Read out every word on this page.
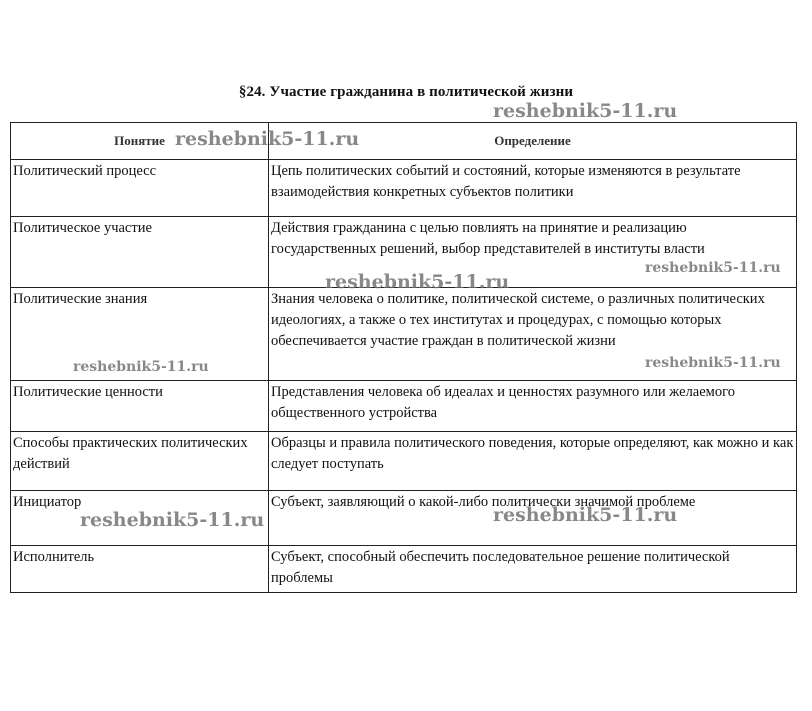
§24. Участие гражданина в политической жизни
Понятие	Определение
Политический процесс	Цепь политических событий и состояний, которые изменяются в результате взаимодействия конкретных субъектов политики
Политическое участие	Действия гражданина с целью повлиять на принятие и реализацию государственных решений, выбор представителей в институты власти
Политические знания	Знания человека о политике, политической системе, о различных политических идеологиях, а также о тех институтах и процедурах, с помощью которых обеспечивается участие граждан в политической жизни
Политические ценности	Представления человека об идеалах и ценностях разумного или желаемого общественного устройства
Способы практических политических действий	Образцы и правила политического поведения, которые определяют, как можно и как следует поступать
Инициатор	Субъект, заявляющий о какой-либо политически значимой проблеме
Исполнитель	Субъект, способный обеспечить последовательное решение политической проблемы
reshebnik5-11.ru
reshebnik5-11.ru
reshebnik5-11.ru
reshebnik5-11.ru
reshebnik5-11.ru	reshebnik5-11.ru
reshebnik5-11.ru	reshebnik5-11.ru
